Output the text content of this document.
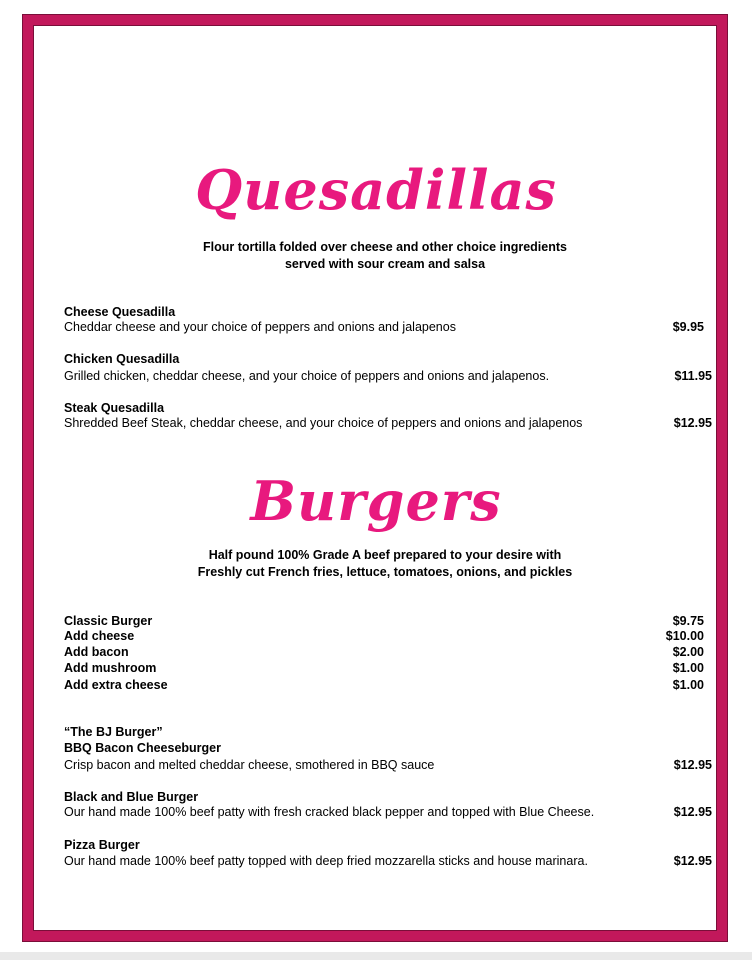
Quesadillas
Flour tortilla folded over cheese and other choice ingredients
served with sour cream and salsa
Cheese Quesadilla
Cheddar cheese and your choice of peppers and onions and jalapenos	$9.95
Chicken Quesadilla
Grilled chicken, cheddar cheese, and your choice of peppers and onions and jalapenos.	$11.95
Steak Quesadilla
Shredded Beef Steak, cheddar cheese, and your choice of peppers and onions and jalapenos	$12.95
Burgers
Half pound 100% Grade A beef prepared to your desire with
Freshly cut French fries, lettuce, tomatoes, onions, and pickles
Classic Burger	$9.75
Add cheese	$10.00
Add bacon	$2.00
Add mushroom	$1.00
Add extra cheese	$1.00
“The BJ Burger”
BBQ Bacon Cheeseburger
Crisp bacon and melted cheddar cheese, smothered in BBQ sauce	$12.95
Black and Blue Burger
Our hand made 100% beef patty with fresh cracked black pepper and topped with Blue Cheese.	$12.95
Pizza Burger
Our hand made 100% beef patty topped with deep fried mozzarella sticks and house marinara.	$12.95
